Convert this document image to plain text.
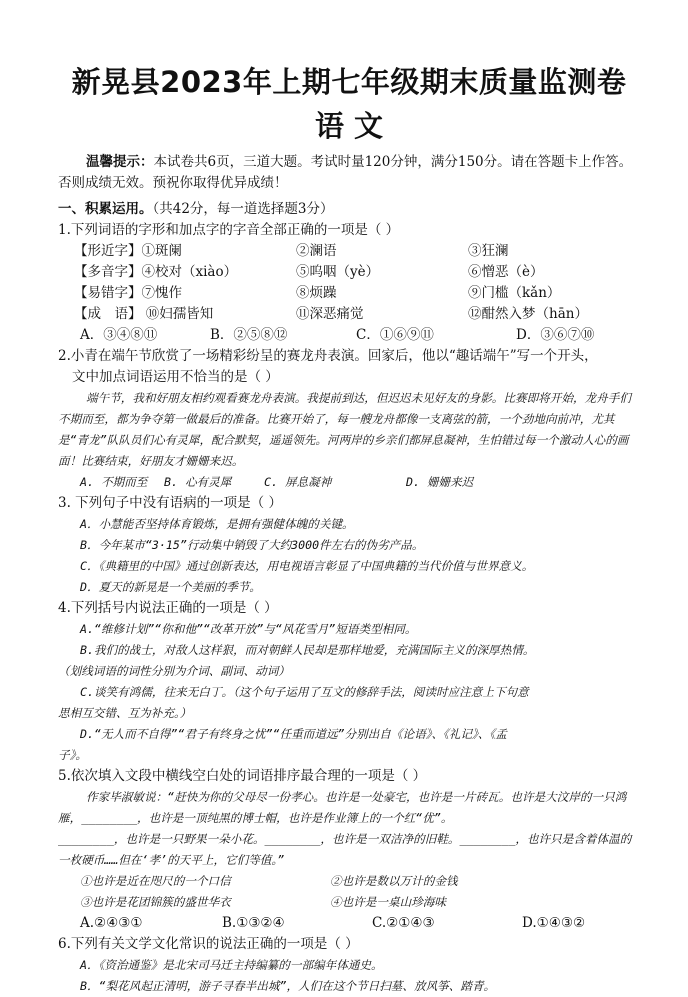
新晃县2023年上期七年级期末质量监测卷
语 文
温馨提示：本试卷共6页，三道大题。考试时量120分钟，满分150分。请在答题卡上作答。否则成绩无效。预祝你取得优异成绩！
一、积累运用。（共42分，每一道选择题3分）
1.下列词语的字形和加点字的字音全部正确的一项是（ ）
【形近字】①斑阑	②澜语	③狂澜
【多音字】④校对（xiào）	⑤呜咽（yè）	⑥憎恶（è）
【易错字】⑦愧作	⑧烦躁	⑨门槛（kǎn）
【成　语】 ⑩妇孺皆知	⑪深恶痛觉	⑫酣然入梦（hān）
A．③④⑧⑪	B．②⑤⑧⑫	C．①⑥⑨⑪	D．③⑥⑦⑩
2.小青在端午节欣赏了一场精彩纷呈的赛龙舟表演。回家后，他以“趣话端午”写一个开头，
文中加点词语运用不恰当的是（ ）
端午节，我和好朋友相约观看赛龙舟表演。我提前到达，但迟迟未见好友的身影。比赛即将开始，龙舟手们不期而至，都为争夺第一做最后的准备。比赛开始了，每一艘龙舟都像一支离弦的箭，一个劲地向前冲，尤其是“青龙”队队员们心有灵犀，配合默契，遥遥领先。河两岸的乡亲们都屏息凝神，生怕错过每一个激动人心的画面！比赛结束，好朋友才姗姗来迟。
A. 不期而至	B. 心有灵犀	C. 屏息凝神	D. 姗姗来迟
3. 下列句子中没有语病的一项是（ ）
A．小慧能否坚持体育锻炼，是拥有强健体魄的关键。
B．今年某市“3·15”行动集中销毁了大约3000件左右的伪劣产品。
C．《典籍里的中国》通过创新表达，用电视语言彰显了中国典籍的当代价值与世界意义。
D．夏天的新晃是一个美丽的季节。
4.下列括号内说法正确的一项是（ ）
A.“维修计划”“你和他”“改革开放”与“风花雪月”短语类型相同。
B.我们的战士，对敌人这样狠，而对朝鲜人民却是那样地爱，充满国际主义的深厚热情。
（划线词语的词性分别为介词、副词、动词）
C.谈笑有鸿儒，往来无白丁。（这个句子运用了互文的修辞手法，阅读时应注意上下句意
思相互交错、互为补充。）
D.“无人而不自得”“君子有终身之忧”“任重而道远”分别出自《论语》、《礼记》、《孟
子》。
5.依次填入文段中横线空白处的词语排序最合理的一项是（ ）
作家毕淑敏说：“赶快为你的父母尽一份孝心。也许是一处豪宅，也许是一片砖瓦。也许是大汶岸的一只鸿雁，________，也许是一顶纯黑的博士帽，也许是作业簿上的一个红“优”。
________，也许是一只野果一朵小花。________，也许是一双洁净的旧鞋。________，也许只是含着体温的一枚硬币……但在‘孝’的天平上，它们等值。”
①也许是近在咫尺的一个口信	②也许是数以万计的金钱
③也许是花团锦簇的盛世华衣	④也许是一桌山珍海味
A.②④③①	B.①③②④	C.②①④③	D.①④③②
6.下列有关文学文化常识的说法正确的一项是（ ）
A．《资治通鉴》是北宋司马迁主持编纂的一部编年体通史。
B．“梨花风起正清明，游子寻春半出城”，人们在这个节日扫墓、放风筝、踏青。
